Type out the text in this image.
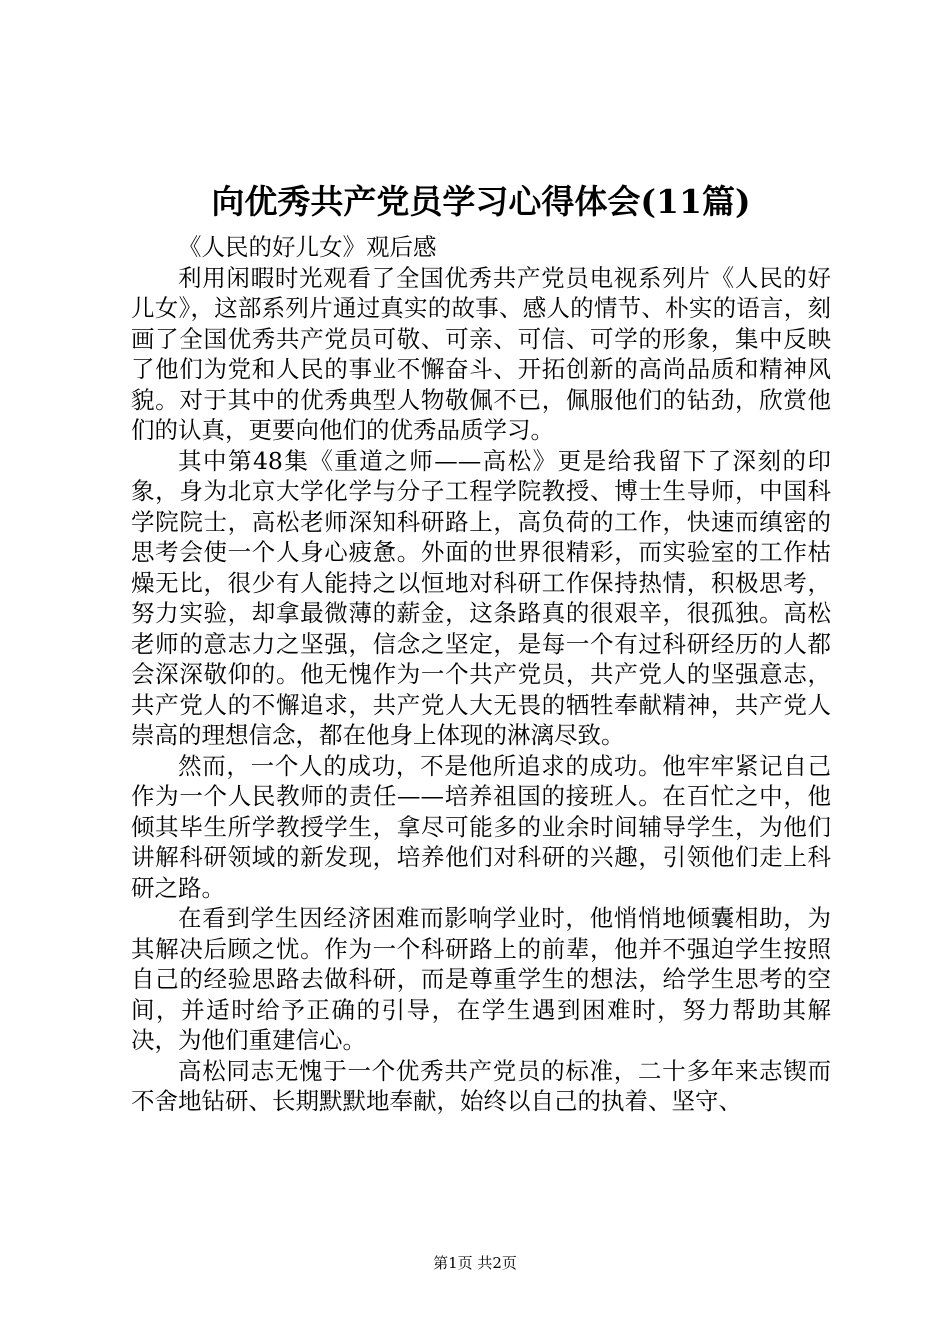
向优秀共产党员学习心得体会(11篇)

《人民的好儿女》观后感

利用闲暇时光观看了全国优秀共产党员电视系列片《人民的好儿女》，这部系列片通过真实的故事、感人的情节、朴实的语言，刻画了全国优秀共产党员可敬、可亲、可信、可学的形象，集中反映了他们为党和人民的事业不懈奋斗、开拓创新的高尚品质和精神风貌。对于其中的优秀典型人物敬佩不已，佩服他们的钻劲，欣赏他们的认真，更要向他们的优秀品质学习。

其中第48集《重道之师——高松》更是给我留下了深刻的印象，身为北京大学化学与分子工程学院教授、博士生导师，中国科学院院士，高松老师深知科研路上，高负荷的工作，快速而缜密的思考会使一个人身心疲惫。外面的世界很精彩，而实验室的工作枯燥无比，很少有人能持之以恒地对科研工作保持热情，积极思考，努力实验，却拿最微薄的薪金，这条路真的很艰辛，很孤独。高松老师的意志力之坚强，信念之坚定，是每一个有过科研经历的人都会深深敬仰的。他无愧作为一个共产党员，共产党人的坚强意志，共产党人的不懈追求，共产党人大无畏的牺牲奉献精神，共产党人崇高的理想信念，都在他身上体现的淋漓尽致。

然而，一个人的成功，不是他所追求的成功。他牢牢紧记自己作为一个人民教师的责任——培养祖国的接班人。在百忙之中，他倾其毕生所学教授学生，拿尽可能多的业余时间辅导学生，为他们讲解科研领域的新发现，培养他们对科研的兴趣，引领他们走上科研之路。

在看到学生因经济困难而影响学业时，他悄悄地倾囊相助，为其解决后顾之忧。作为一个科研路上的前辈，他并不强迫学生按照自己的经验思路去做科研，而是尊重学生的想法，给学生思考的空间，并适时给予正确的引导，在学生遇到困难时，努力帮助其解决，为他们重建信心。

高松同志无愧于一个优秀共产党员的标准，二十多年来志锲而不舍地钻研、长期默默地奉献，始终以自己的执着、坚守、

第1页 共2页
